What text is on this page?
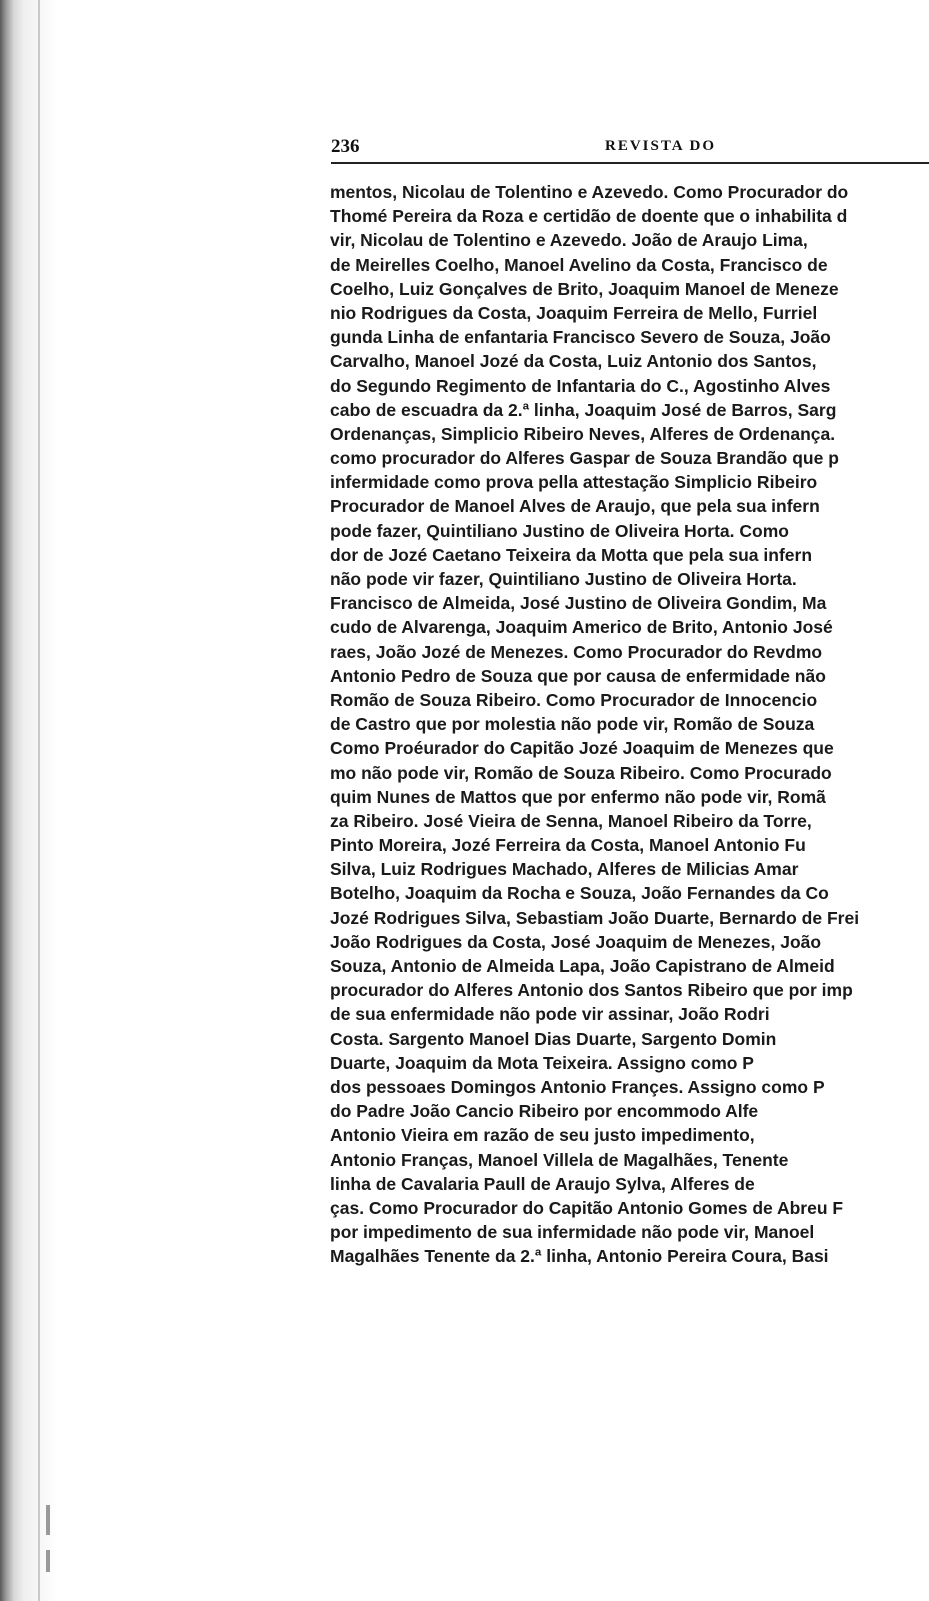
236	REVISTA DO
mentos, Nicolau de Tolentino e Azevedo. Como Procurador do
Thomé Pereira da Roza e certidão de doente que o inhabilita d
vir, Nicolau de Tolentino e Azevedo. João de Araujo Lima,
de Meirelles Coelho, Manoel Avelino da Costa, Francisco de
Coelho, Luiz Gonçalves de Brito, Joaquim Manoel de Meneze
nio Rodrigues da Costa, Joaquim Ferreira de Mello, Furriel
gunda Linha de enfantaria Francisco Severo de Souza, João
Carvalho, Manoel Jozé da Costa, Luiz Antonio dos Santos,
do Segundo Regimento de Infantaria do C., Agostinho Alves
cabo de escuadra da 2.ª linha, Joaquim José de Barros, Sarg
Ordenanças, Simplicio Ribeiro Neves, Alferes de Ordenança.
como procurador do Alferes Gaspar de Souza Brandão que p
infermidade como prova pella attestação Simplicio Ribeiro
Procurador de Manoel Alves de Araujo, que pela sua infern
pode fazer, Quintiliano Justino de Oliveira Horta. Como
dor de Jozé Caetano Teixeira da Motta que pela sua infern
não pode vir fazer, Quintiliano Justino de Oliveira Horta.
Francisco de Almeida, José Justino de Oliveira Gondim, Ma
cudo de Alvarenga, Joaquim Americo de Brito, Antonio José
raes, João Jozé de Menezes. Como Procurador do Revdmo
Antonio Pedro de Souza que por causa de enfermidade não
Romão de Souza Ribeiro. Como Procurador de Innocencio
de Castro que por molestia não pode vir, Romão de Souza
Como Proéurador do Capitão Jozé Joaquim de Menezes que
mo não pode vir, Romão de Souza Ribeiro. Como Procurado
quim Nunes de Mattos que por enfermo não pode vir, Romã
za Ribeiro. José Vieira de Senna, Manoel Ribeiro da Torre,
Pinto Moreira, Jozé Ferreira da Costa, Manoel Antonio Fu
Silva, Luiz Rodrigues Machado, Alferes de Milicias Amar
Botelho, Joaquim da Rocha e Souza, João Fernandes da Co
Jozé Rodrigues Silva, Sebastiam João Duarte, Bernardo de Frei
João Rodrigues da Costa, José Joaquim de Menezes, João
Souza, Antonio de Almeida Lapa, João Capistrano de Almeid
procurador do Alferes Antonio dos Santos Ribeiro que por imp
de sua enfermidade não pode vir assinar, João Rodri
Costa. Sargento Manoel Dias Duarte, Sargento Domin
Duarte, Joaquim da Mota Teixeira. Assigno como P
dos pessoaes Domingos Antonio Françes. Assigno como P
do Padre João Cancio Ribeiro por encommodo Alfe
Antonio Vieira em razão de seu justo impedimento,
Antonio Franças, Manoel Villela de Magalhães, Tenente
linha de Cavalaria Paull de Araujo Sylva, Alferes de
ças. Como Procurador do Capitão Antonio Gomes de Abreu F
por impedimento de sua infermidade não pode vir, Manoel
Magalhães Tenente da 2.ª linha, Antonio Pereira Coura, Basi
